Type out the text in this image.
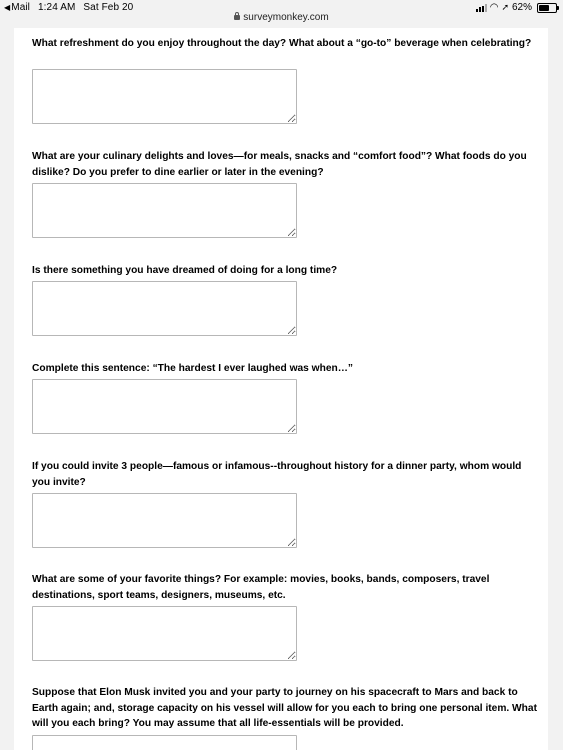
◀Mail 1:24 AM Sat Feb 20	◠ ➚ 62%
surveymonkey.com

What refreshment do you enjoy throughout the day? What about a “go-to” beverage when celebrating?

What are your culinary delights and loves—for meals, snacks and “comfort food”? What foods do you dislike? Do you prefer to dine earlier or later in the evening?

Is there something you have dreamed of doing for a long time?

Complete this sentence: “The hardest I ever laughed was when…”

If you could invite 3 people—famous or infamous--throughout history for a dinner party, whom would you invite?

What are some of your favorite things? For example: movies, books, bands, composers, travel destinations, sport teams, designers, museums, etc.

Suppose that Elon Musk invited you and your party to journey on his spacecraft to Mars and back to Earth again; and, storage capacity on his vessel will allow for you each to bring one personal item. What will you each bring? You may assume that all life-essentials will be provided.
